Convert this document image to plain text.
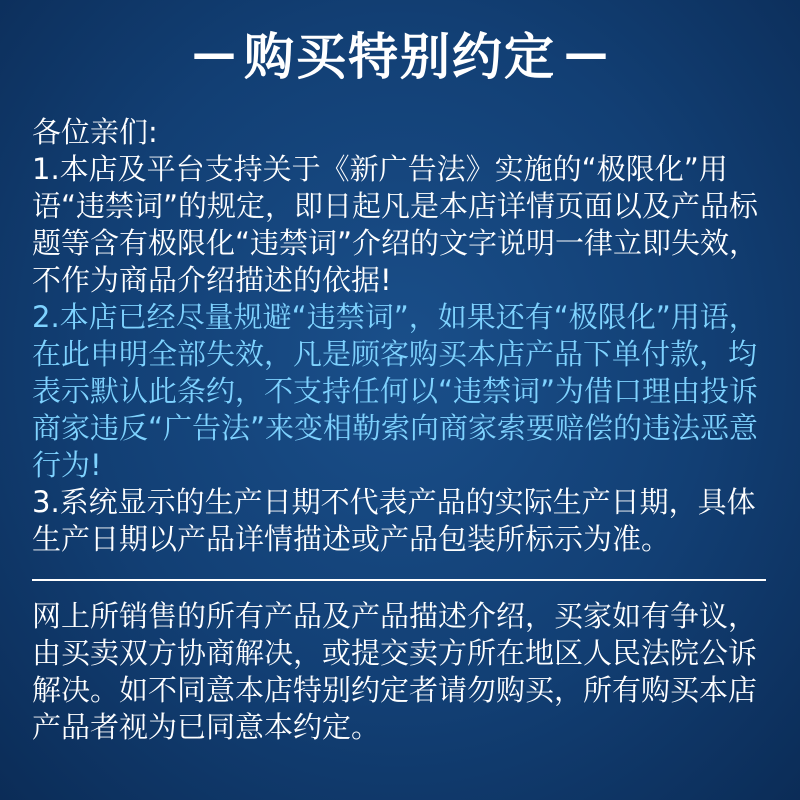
— 购买特别约定 —

各位亲们:

1.本店及平台支持关于《新广告法》实施的“极限化”用语“违禁词”的规定，即日起凡是本店详情页面以及产品标题等含有极限化“违禁词”介绍的文字说明一律立即失效，不作为商品介绍描述的依据!

2.本店已经尽量规避“违禁词”，如果还有“极限化”用语，在此申明全部失效，凡是顾客购买本店产品下单付款，均表示默认此条约，不支持任何以“违禁词”为借口理由投诉商家违反“广告法”来变相勒索向商家索要赔偿的违法恶意行为!

3.系统显示的生产日期不代表产品的实际生产日期，具体生产日期以产品详情描述或产品包装所标示为准。

网上所销售的所有产品及产品描述介绍，买家如有争议，由买卖双方协商解决，或提交卖方所在地区人民法院公诉解决。如不同意本店特别约定者请勿购买，所有购买本店产品者视为已同意本约定。
